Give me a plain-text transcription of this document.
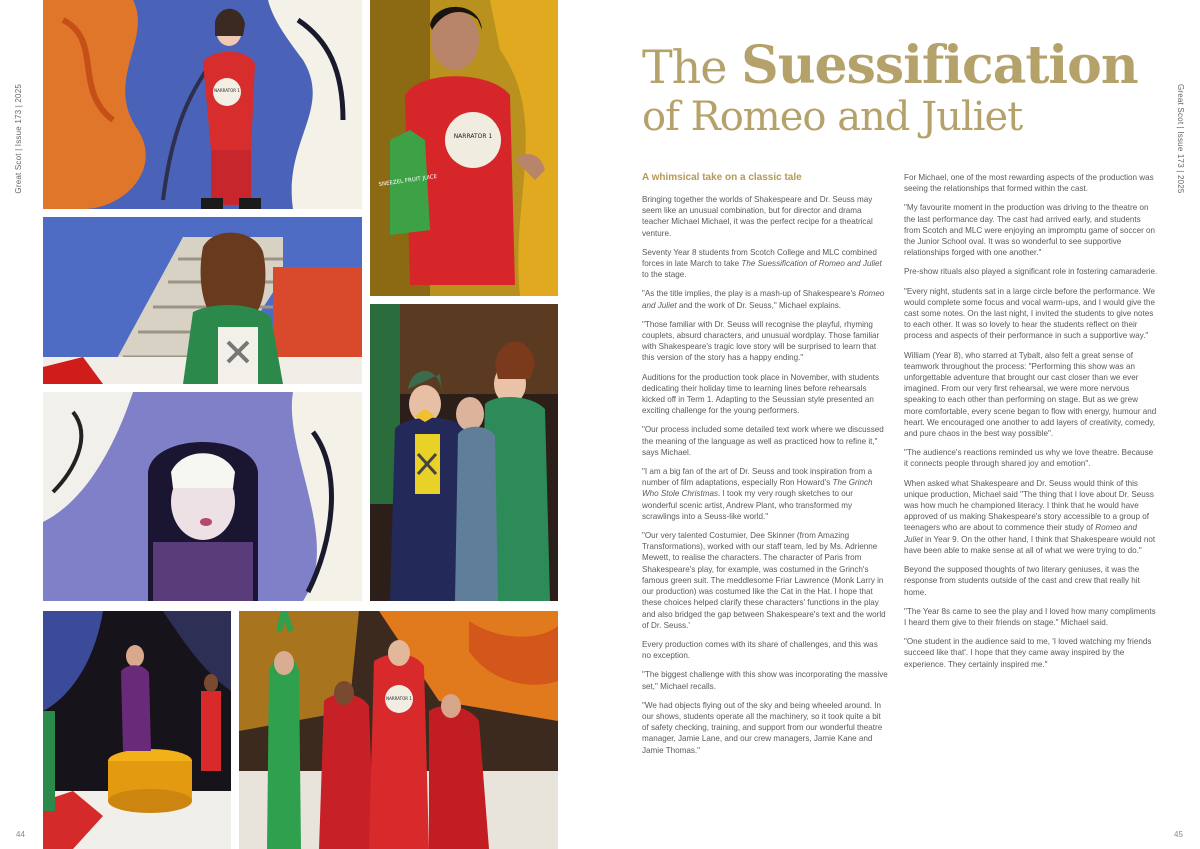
Great Scot | Issue 173 | 2025	Great Scot | Issue 173 | 2025
44	45
NARRATOR 1
NARRATOR 1
SNEEZEL FRUIT JUICE
NARRATOR 1
The Suessification
of Romeo and Juliet
A whimsical take on a classic tale

Bringing together the worlds of Shakespeare and Dr. Seuss may seem like an unusual combination, but for director and drama teacher Michael Michael, it was the perfect recipe for a theatrical venture.

Seventy Year 8 students from Scotch College and MLC combined forces in late March to take The Suessification of Romeo and Juliet to the stage.

"As the title implies, the play is a mash-up of Shakespeare's Romeo and Juliet and the work of Dr. Seuss," Michael explains.

"Those familiar with Dr. Seuss will recognise the playful, rhyming couplets, absurd characters, and unusual wordplay. Those familiar with Shakespeare's tragic love story will be surprised to learn that this version of the story has a happy ending."

Auditions for the production took place in November, with students dedicating their holiday time to learning lines before rehearsals kicked off in Term 1. Adapting to the Seussian style presented an exciting challenge for the young performers.

"Our process included some detailed text work where we discussed the meaning of the language as well as practiced how to refine it," says Michael.

"I am a big fan of the art of Dr. Seuss and took inspiration from a number of film adaptations, especially Ron Howard's The Grinch Who Stole Christmas. I took my very rough sketches to our wonderful scenic artist, Andrew Plant, who transformed my scrawlings into a Seuss-like world."

"Our very talented Costumier, Dee Skinner (from Amazing Transformations), worked with our staff team, led by Ms. Adrienne Mewett, to realise the characters. The character of Paris from Shakespeare's play, for example, was costumed in the Grinch's famous green suit. The meddlesome Friar Lawrence (Monk Larry in our production) was costumed like the Cat in the Hat. I hope that these choices helped clarify these characters' functions in the play and also bridged the gap between Shakespeare's text and the world of Dr. Seuss.'

Every production comes with its share of challenges, and this was no exception.

"The biggest challenge with this show was incorporating the massive set," Michael recalls.

"We had objects flying out of the sky and being wheeled around. In our shows, students operate all the machinery, so it took quite a bit of safety checking, training, and support from our wonderful theatre manager, Jamie Lane, and our crew managers, Jamie Kane and Jamie Thomas."

For Michael, one of the most rewarding aspects of the production was seeing the relationships that formed within the cast.

"My favourite moment in the production was driving to the theatre on the last performance day. The cast had arrived early, and students from Scotch and MLC were enjoying an impromptu game of soccer on the Junior School oval. It was so wonderful to see supportive relationships forged with one another."

Pre-show rituals also played a significant role in fostering camaraderie.

"Every night, students sat in a large circle before the performance. We would complete some focus and vocal warm-ups, and I would give the cast some notes. On the last night, I invited the students to give notes to each other. It was so lovely to hear the students reflect on their process and aspects of their performance in such a supportive way."

William (Year 8), who starred at Tybalt, also felt a great sense of teamwork throughout the process: "Performing this show was an unforgettable adventure that brought our cast closer than we ever imagined. From our very first rehearsal, we were more nervous speaking to each other than performing on stage. But as we grew more comfortable, every scene began to flow with energy, humour and heart. We encouraged one another to add layers of creativity, comedy, and pure chaos in the best way possible".

"The audience's reactions reminded us why we love theatre. Because it connects people through shared joy and emotion".

When asked what Shakespeare and Dr. Seuss would think of this unique production, Michael said "The thing that I love about Dr. Seuss was how much he championed literacy. I think that he would have approved of us making Shakespeare's story accessible to a group of teenagers who are about to commence their study of Romeo and Juliet in Year 9. On the other hand, I think that Shakespeare would not have been able to make sense at all of what we were trying to do."

Beyond the supposed thoughts of two literary geniuses, it was the response from students outside of the cast and crew that really hit home.

"The Year 8s came to see the play and I loved how many compliments I heard them give to their friends on stage." Michael said.

"One student in the audience said to me, 'I loved watching my friends succeed like that'. I hope that they came away inspired by the experience. They certainly inspired me."
